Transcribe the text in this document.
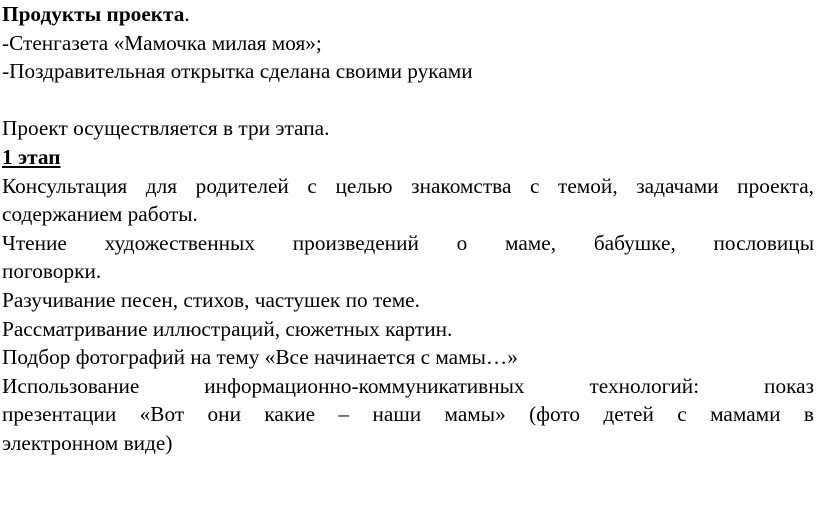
Продукты проекта.
-Стенгазета «Мамочка милая моя»;
-Поздравительная открытка сделана своими руками
Проект осуществляется в три этапа.
1 этап
Консультация для родителей с целью знакомства с темой, задачами проекта,
содержанием работы.
Чтение художественных произведений о маме, бабушке, пословицы
поговорки.
Разучивание песен, стихов, частушек по теме.
Рассматривание иллюстраций, сюжетных картин.
Подбор фотографий на тему «Все начинается с мамы…»
Использование информационно-коммуникативных технологий: показ
презентации «Вот они какие – наши мамы» (фото детей с мамами в
электронном виде)
